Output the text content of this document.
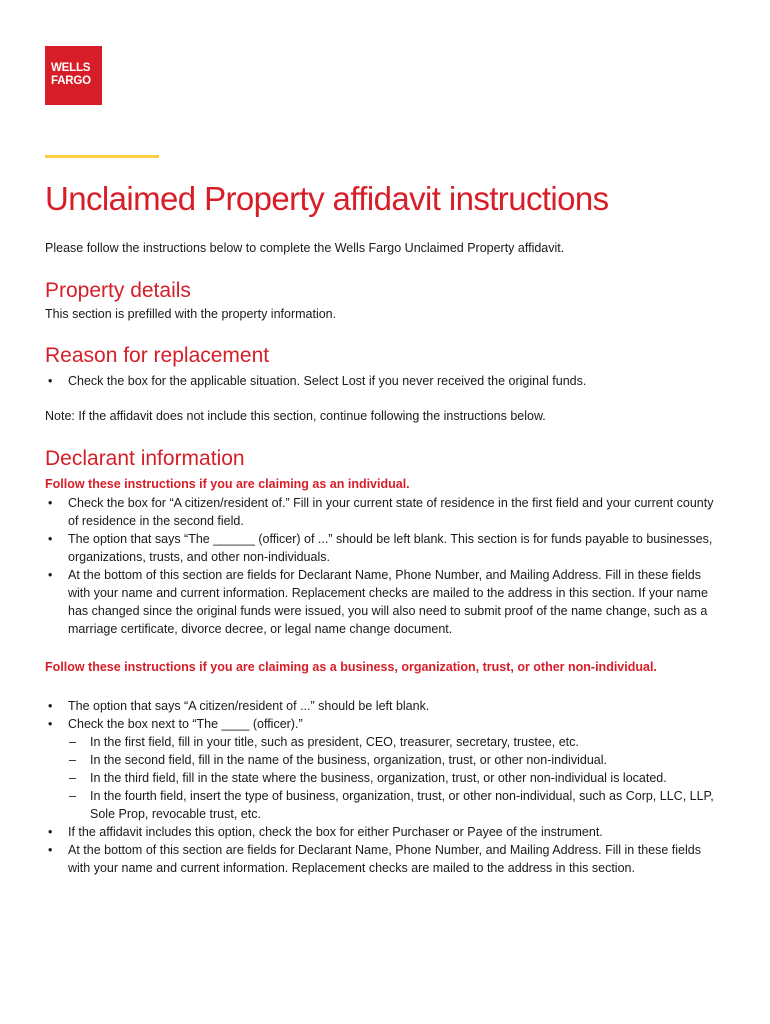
WELLS
FARGO
Unclaimed Property affidavit instructions

Please follow the instructions below to complete the Wells Fargo Unclaimed Property affidavit.

Property details

This section is prefilled with the property information.

Reason for replacement
• Check the box for the applicable situation. Select Lost if you never received the original funds.

Note: If the affidavit does not include this section, continue following the instructions below.

Declarant information
Follow these instructions if you are claiming as an individual.
• Check the box for “A citizen/resident of.” Fill in your current state of residence in the first field and your current county of residence in the second field.
• The option that says “The ______ (officer) of ...” should be left blank. This section is for funds payable to businesses, organizations, trusts, and other non-individuals.
• At the bottom of this section are fields for Declarant Name, Phone Number, and Mailing Address. Fill in these fields with your name and current information. Replacement checks are mailed to the address in this section. If your name has changed since the original funds were issued, you will also need to submit proof of the name change, such as a marriage certificate, divorce decree, or legal name change document.
Follow these instructions if you are claiming as a business, organization, trust, or other non-individual.
• The option that says “A citizen/resident of ...” should be left blank.
• Check the box next to “The ____ (officer).”
– In the first field, fill in your title, such as president, CEO, treasurer, secretary, trustee, etc.
– In the second field, fill in the name of the business, organization, trust, or other non-individual.
– In the third field, fill in the state where the business, organization, trust, or other non-individual is located.
– In the fourth field, insert the type of business, organization, trust, or other non-individual, such as Corp, LLC, LLP, Sole Prop, revocable trust, etc.
• If the affidavit includes this option, check the box for either Purchaser or Payee of the instrument.
• At the bottom of this section are fields for Declarant Name, Phone Number, and Mailing Address. Fill in these fields with your name and current information. Replacement checks are mailed to the address in this section.
